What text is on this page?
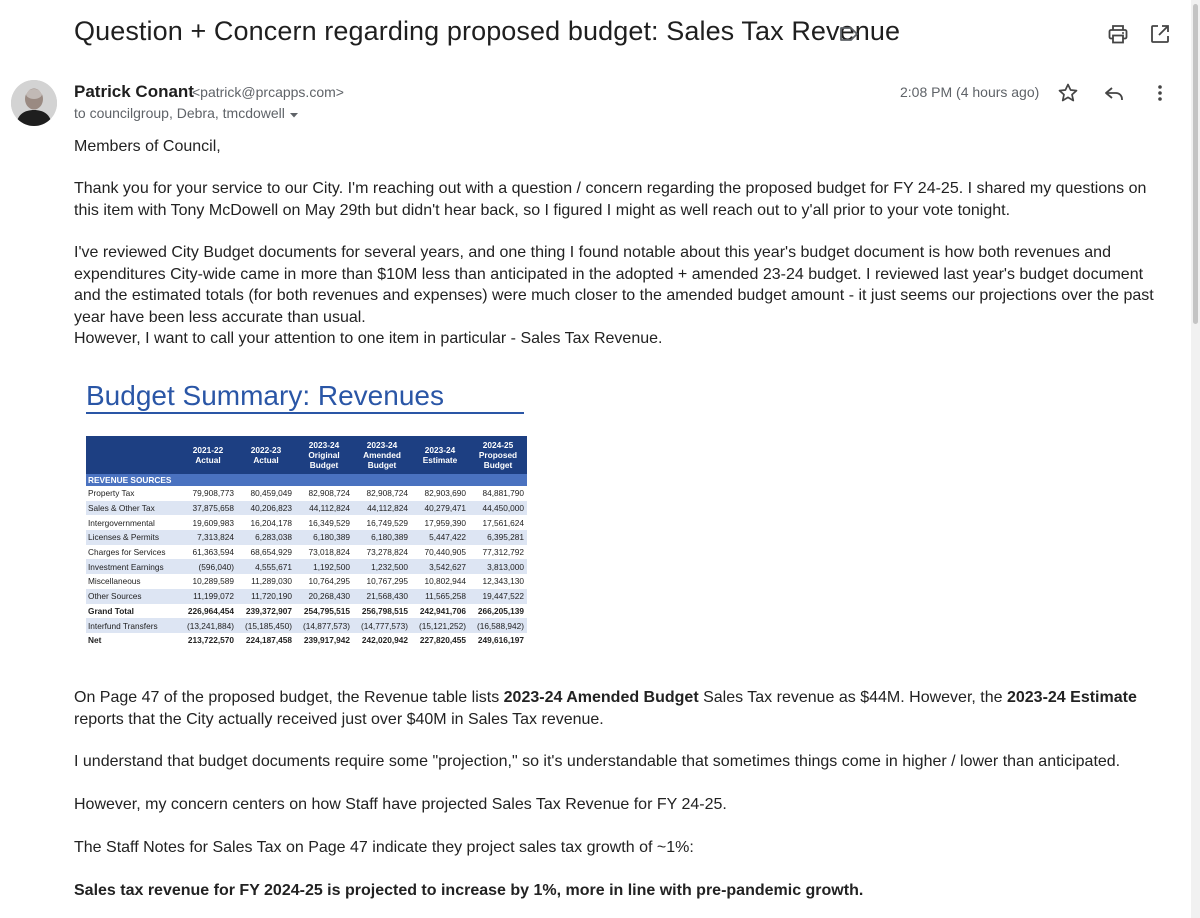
Question + Concern regarding proposed budget: Sales Tax Revenue
Patrick Conant
<patrick@prcapps.com>
to councilgroup, Debra, tmcdowell
2:08 PM (4 hours ago)
Members of Council,
Thank you for your service to our City. I'm reaching out with a question / concern regarding the proposed budget for FY 24-25. I shared my questions on this item with Tony McDowell on May 29th but didn't hear back, so I figured I might as well reach out to y'all prior to your vote tonight.
I've reviewed City Budget documents for several years, and one thing I found notable about this year's budget document is how both revenues and expenditures City-wide came in more than $10M less than anticipated in the adopted + amended 23-24 budget. I reviewed last year's budget document and the estimated totals (for both revenues and expenses) were much closer to the amended budget amount - it just seems our projections over the past year have been less accurate than usual.
However, I want to call your attention to one item in particular - Sales Tax Revenue.
Budget Summary: Revenues
	2021-22 Actual	2022-23 Actual	2023-24 Original Budget	2023-24 Amended Budget	2023-24 Estimate	2024-25 Proposed Budget
REVENUE SOURCES						
Property Tax	79,908,773	80,459,049	82,908,724	82,908,724	82,903,690	84,881,790
Sales & Other Tax	37,875,658	40,206,823	44,112,824	44,112,824	40,279,471	44,450,000
Intergovernmental	19,609,983	16,204,178	16,349,529	16,749,529	17,959,390	17,561,624
Licenses & Permits	7,313,824	6,283,038	6,180,389	6,180,389	5,447,422	6,395,281
Charges for Services	61,363,594	68,654,929	73,018,824	73,278,824	70,440,905	77,312,792
Investment Earnings	(596,040)	4,555,671	1,192,500	1,232,500	3,542,627	3,813,000
Miscellaneous	10,289,589	11,289,030	10,764,295	10,767,295	10,802,944	12,343,130
Other Sources	11,199,072	11,720,190	20,268,430	21,568,430	11,565,258	19,447,522
Grand Total	226,964,454	239,372,907	254,795,515	256,798,515	242,941,706	266,205,139
Interfund Transfers	(13,241,884)	(15,185,450)	(14,877,573)	(14,777,573)	(15,121,252)	(16,588,942)
Net	213,722,570	224,187,458	239,917,942	242,020,942	227,820,455	249,616,197
On Page 47 of the proposed budget, the Revenue table lists 2023-24 Amended Budget Sales Tax revenue as $44M. However, the 2023-24 Estimate reports that the City actually received just over $40M in Sales Tax revenue.
I understand that budget documents require some "projection," so it's understandable that sometimes things come in higher / lower than anticipated.
However, my concern centers on how Staff have projected Sales Tax Revenue for FY 24-25.
The Staff Notes for Sales Tax on Page 47 indicate they project sales tax growth of ~1%:
Sales tax revenue for FY 2024-25 is projected to increase by 1%, more in line with pre-pandemic growth.
